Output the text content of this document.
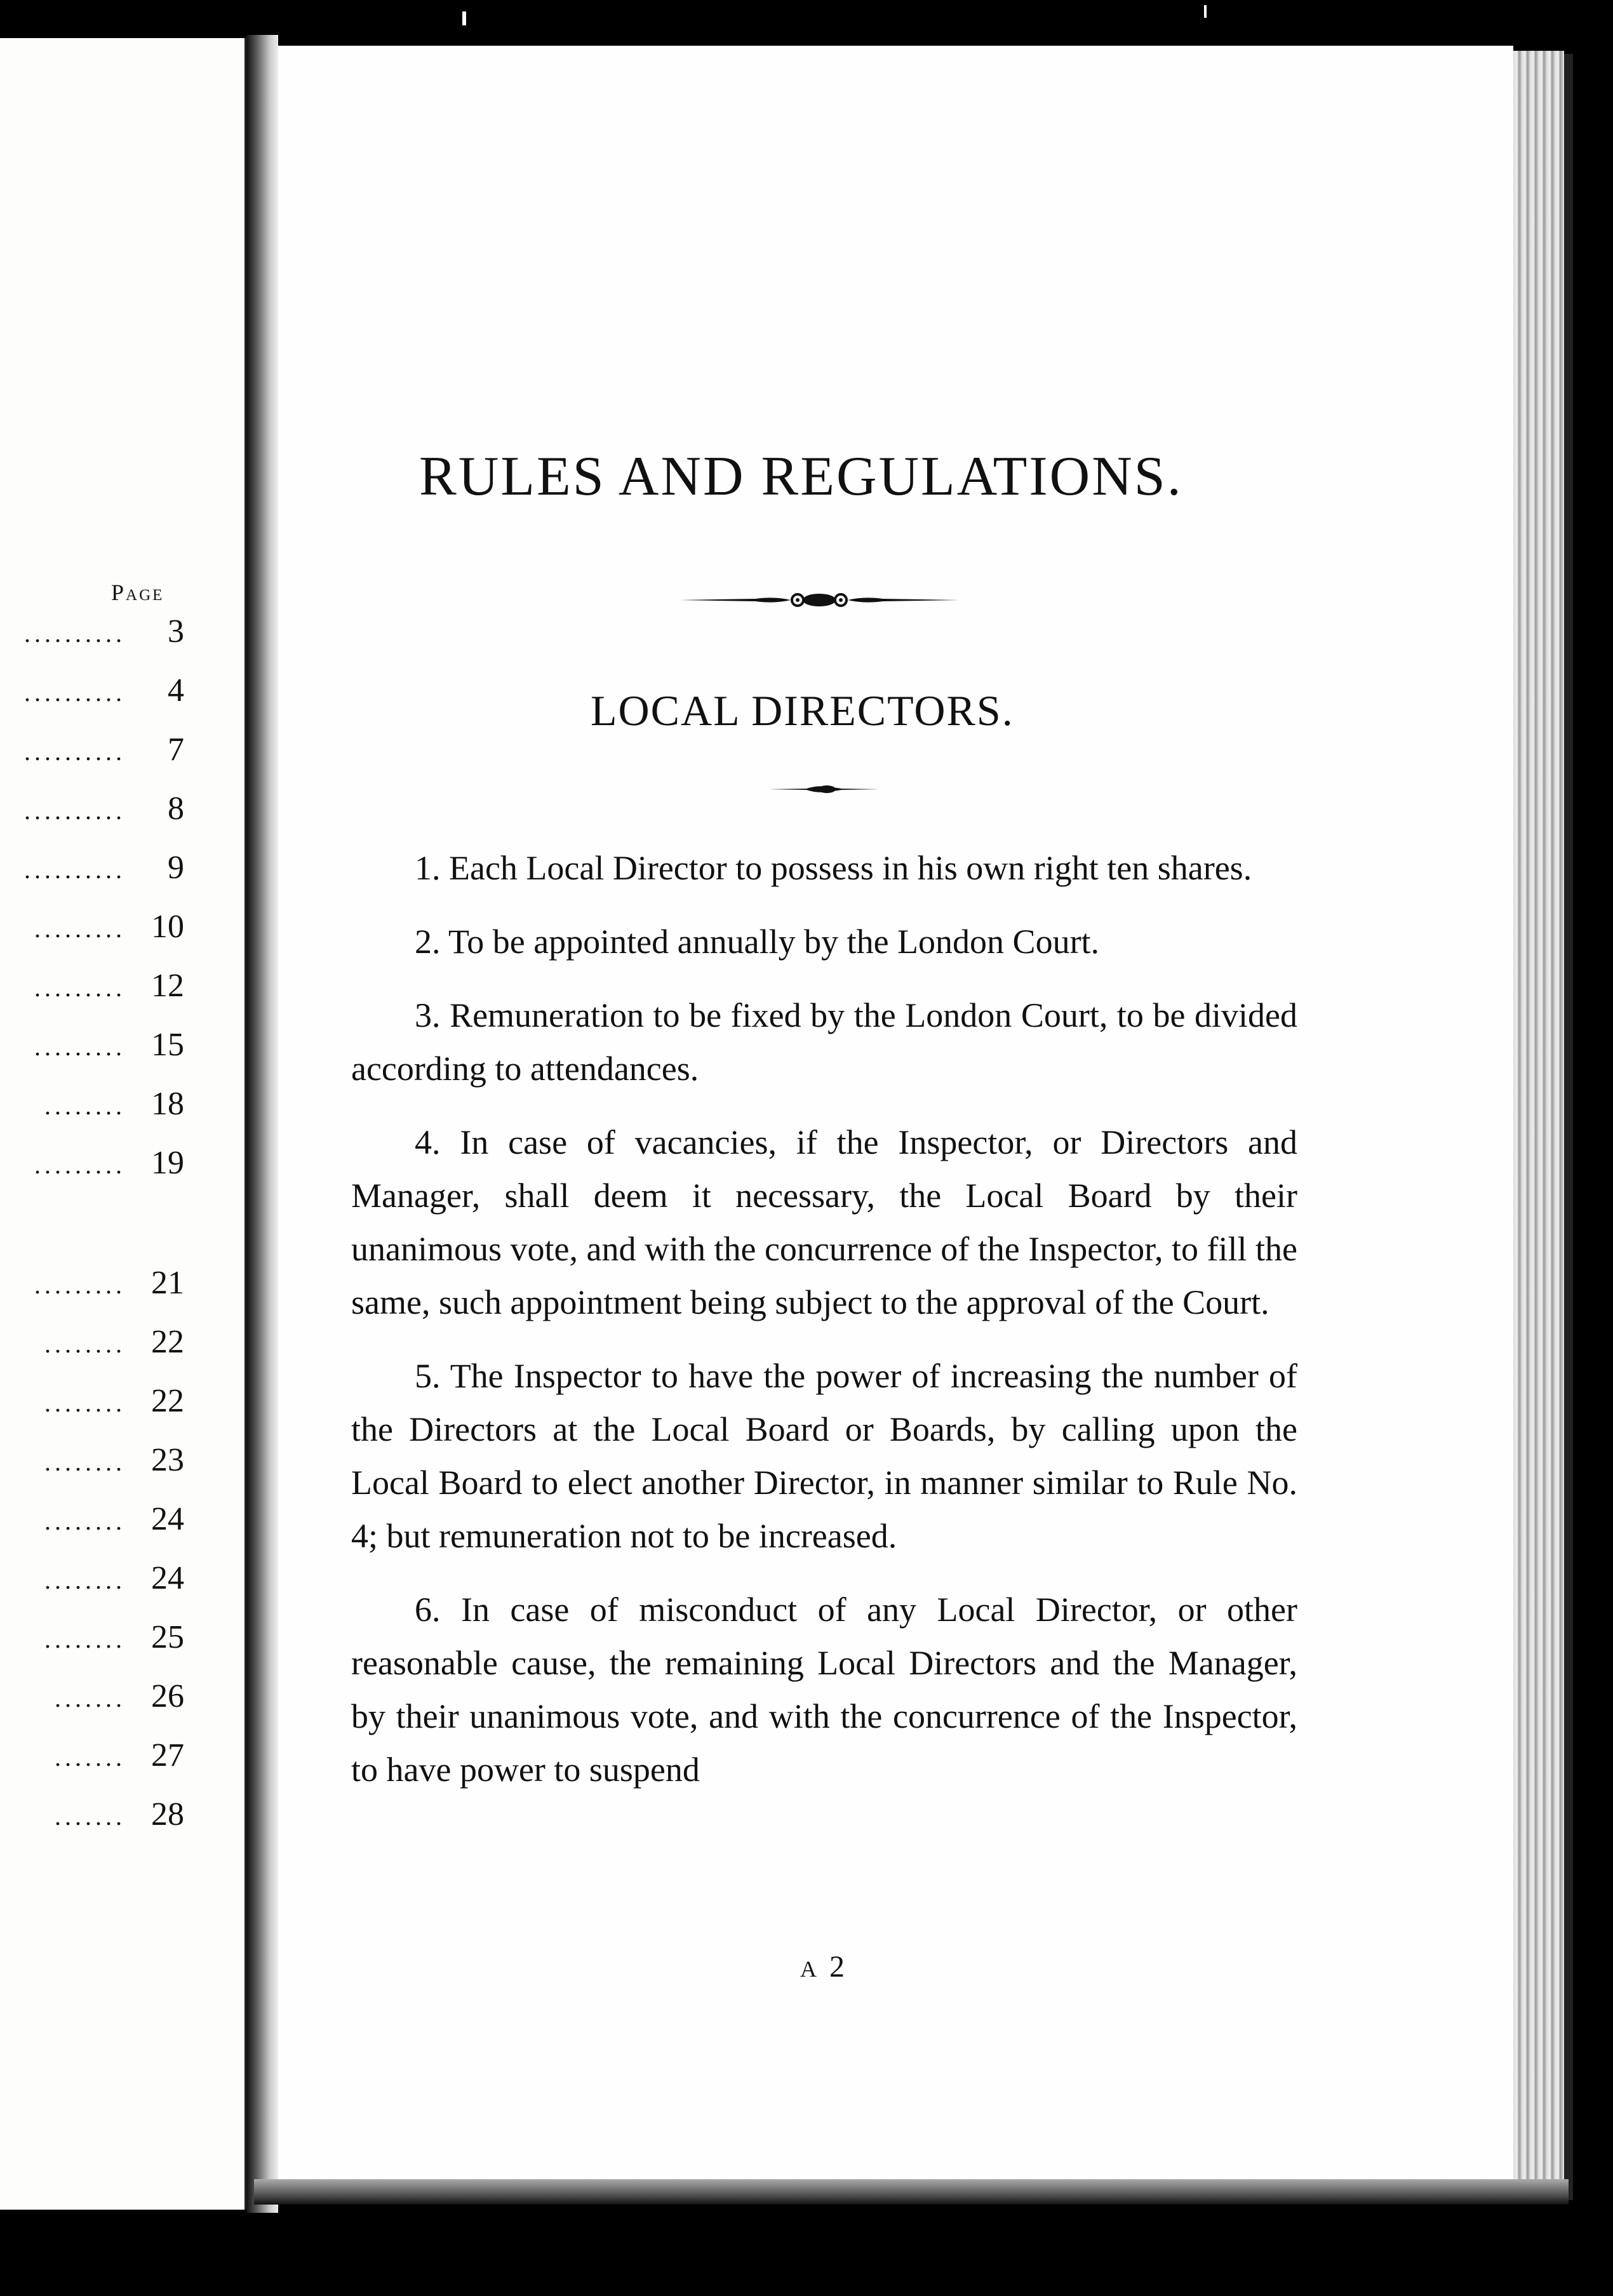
Page
..........	3
..........	4
..........	7
..........	8
..........	9
......... 10
......... 12
......... 15
........ 18
......... 19
......... 21
........ 22
........ 22
........ 23
........ 24
........ 24
........ 25
....... 26
....... 27
....... 28
RULES AND REGULATIONS.
LOCAL DIRECTORS.

1. Each Local Director to possess in his own right ten shares.

2. To be appointed annually by the London Court.

3. Remuneration to be fixed by the London Court, to be divided according to attendances.

4. In case of vacancies, if the Inspector, or Directors and Manager, shall deem it necessary, the Local Board by their unanimous vote, and with the concurrence of the Inspector, to fill the same, such appointment being subject to the approval of the Court.

5. The Inspector to have the power of increasing the number of the Directors at the Local Board or Boards, by calling upon the Local Board to elect another Director, in manner similar to Rule No. 4; but remuneration not to be increased.

6. In case of misconduct of any Local Director, or other reasonable cause, the remaining Local Directors and the Manager, by their unanimous vote, and with the concurrence of the Inspector, to have power to suspend

A 2
